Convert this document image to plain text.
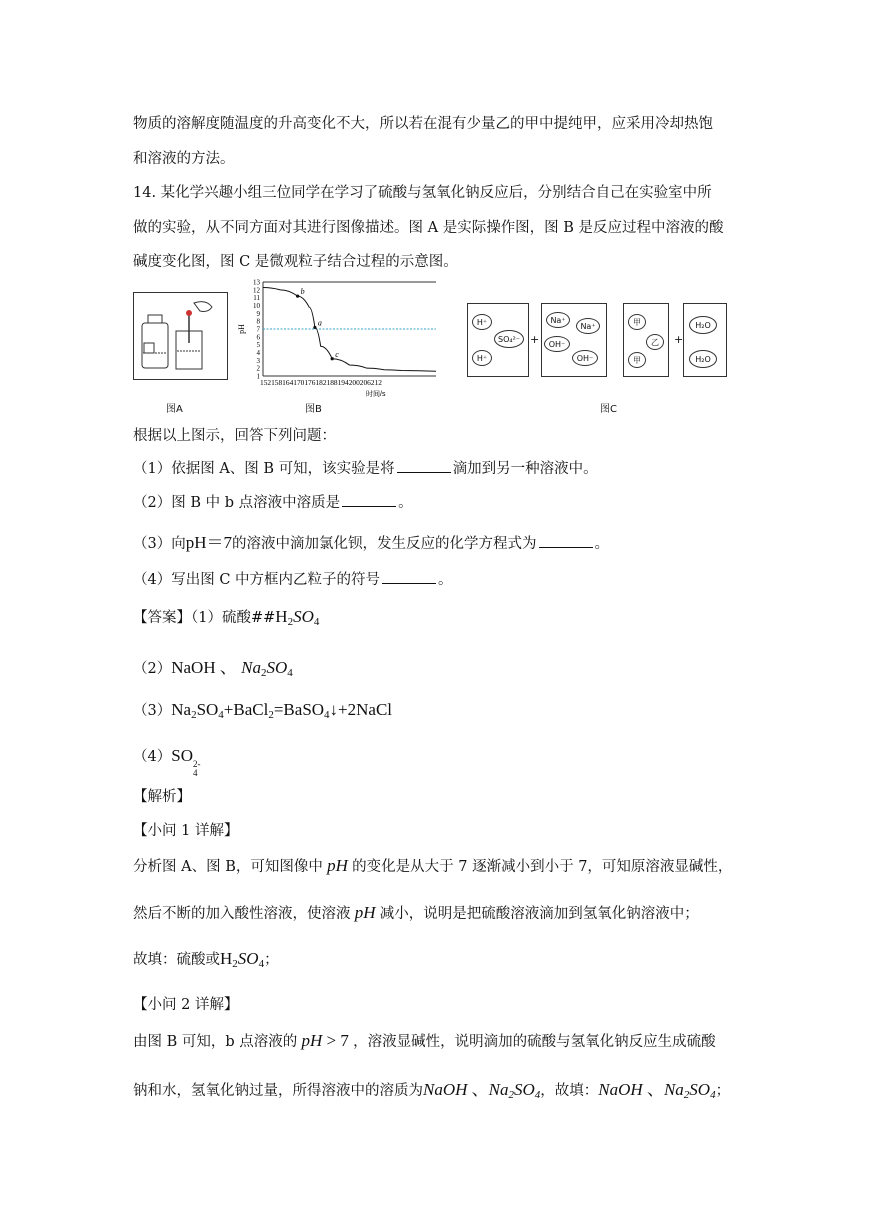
物质的溶解度随温度的升高变化不大，所以若在混有少量乙的甲中提纯甲，应采用冷却热饱
和溶液的方法。
14. 某化学兴趣小组三位同学在学习了硫酸与氢氧化钠反应后，分别结合自己在实验室中所
做的实验，从不同方面对其进行图像描述。图 A 是实际操作图，图 B 是反应过程中溶液的酸
碱度变化图，图 C 是微观粒子结合过程的示意图。
图A
13
12
11
10
9
8
7
6
5
4
3
2
1
pH
152158164170176182188194200206212
时间/s
b
a
c
图B
H⁺
SO₄²⁻
H⁺
+
Na⁺
Na⁺
OH⁻
OH⁻
甲
乙
甲
+
H₂O
H₂O
图C
根据以上图示，回答下列问题：
（1）依据图 A、图 B 可知，该实验是将	滴加到另一种溶液中。
（2）图 B 中 b 点溶液中溶质是	。
（3）向pH＝7的溶液中滴加氯化钡，发生反应的化学方程式为	。
（4）写出图 C 中方框内乙粒子的符号	。
【答案】（1）硫酸$\#\#H_2SO_4$
（2）NaOH 、 $Na_2SO_4$
$(3)Na_2SO_4+BaCl_2=BaSO_4↓+2NaCl$
（4）SO 2-
4
【解析】
【小问 1 详解】
分析图 A、图 B，可知图像中 pH 的变化是从大于 7 逐渐减小到小于 7，可知原溶液显碱性，
然后不断的加入酸性溶液，使溶液 pH 减小，说明是把硫酸溶液滴加到氢氧化钠溶液中；
故填：硫酸或$H_2SO_4$；
【小问 2 详解】
由图 B 可知，b 点溶液的 pH > 7 ，溶液显碱性，说明滴加的硫酸与氢氧化钠反应生成硫酸
钠和水，氢氧化钠过量，所得溶液中的溶质为NaOH 、$Na_2SO_4$，故填：NaOH 、$Na_2SO_4$；
